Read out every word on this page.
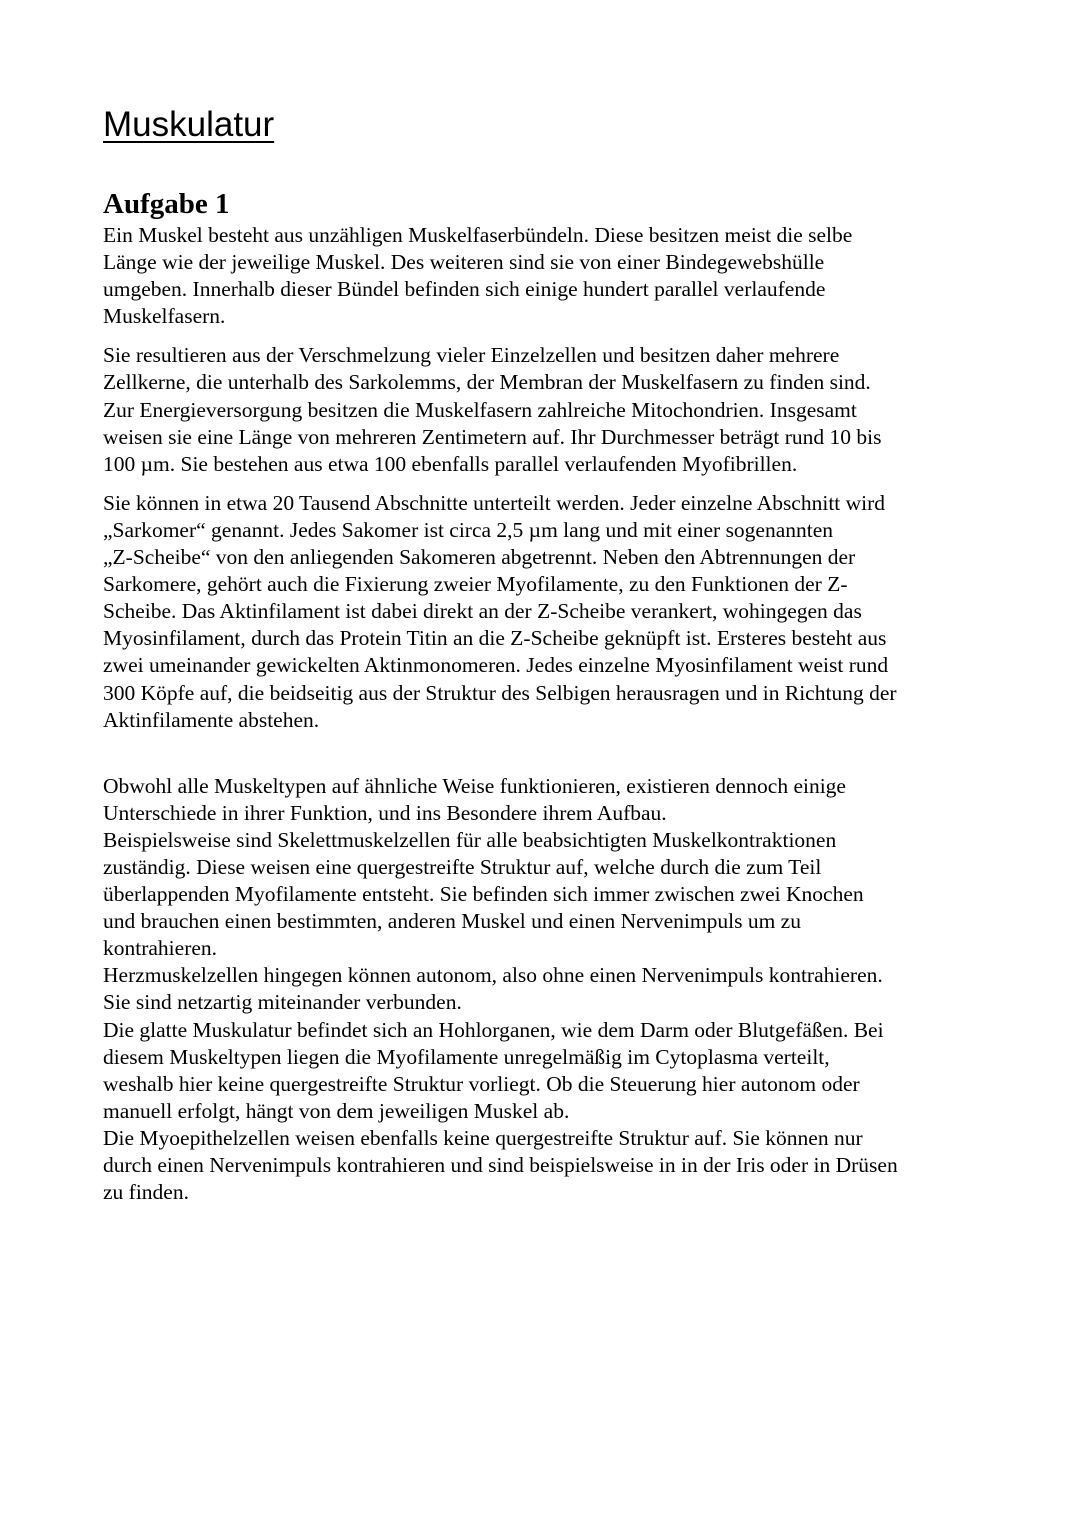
Muskulatur
Aufgabe 1

Ein Muskel besteht aus unzähligen Muskelfaserbündeln. Diese besitzen meist die selbe
Länge wie der jeweilige Muskel. Des weiteren sind sie von einer Bindegewebshülle
umgeben. Innerhalb dieser Bündel befinden sich einige hundert parallel verlaufende
Muskelfasern.

Sie resultieren aus der Verschmelzung vieler Einzelzellen und besitzen daher mehrere
Zellkerne, die unterhalb des Sarkolemms, der Membran der Muskelfasern zu finden sind.
Zur Energieversorgung besitzen die Muskelfasern zahlreiche Mitochondrien. Insgesamt
weisen sie eine Länge von mehreren Zentimetern auf. Ihr Durchmesser beträgt rund 10 bis
100 µm. Sie bestehen aus etwa 100 ebenfalls parallel verlaufenden Myofibrillen.

Sie können in etwa 20 Tausend Abschnitte unterteilt werden. Jeder einzelne Abschnitt wird
„Sarkomer“ genannt. Jedes Sakomer ist circa 2,5 µm lang und mit einer sogenannten
„Z-Scheibe“ von den anliegenden Sakomeren abgetrennt. Neben den Abtrennungen der
Sarkomere, gehört auch die Fixierung zweier Myofilamente, zu den Funktionen der Z-
Scheibe. Das Aktinfilament ist dabei direkt an der Z-Scheibe verankert, wohingegen das
Myosinfilament, durch das Protein Titin an die Z-Scheibe geknüpft ist. Ersteres besteht aus
zwei umeinander gewickelten Aktinmonomeren. Jedes einzelne Myosinfilament weist rund
300 Köpfe auf, die beidseitig aus der Struktur des Selbigen herausragen und in Richtung der
Aktinfilamente abstehen.

Obwohl alle Muskeltypen auf ähnliche Weise funktionieren, existieren dennoch einige
Unterschiede in ihrer Funktion, und ins Besondere ihrem Aufbau.
Beispielsweise sind Skelettmuskelzellen für alle beabsichtigten Muskelkontraktionen
zuständig. Diese weisen eine quergestreifte Struktur auf, welche durch die zum Teil
überlappenden Myofilamente entsteht. Sie befinden sich immer zwischen zwei Knochen
und brauchen einen bestimmten, anderen Muskel und einen Nervenimpuls um zu
kontrahieren.
Herzmuskelzellen hingegen können autonom, also ohne einen Nervenimpuls kontrahieren.
Sie sind netzartig miteinander verbunden.
Die glatte Muskulatur befindet sich an Hohlorganen, wie dem Darm oder Blutgefäßen. Bei
diesem Muskeltypen liegen die Myofilamente unregelmäßig im Cytoplasma verteilt,
weshalb hier keine quergestreifte Struktur vorliegt. Ob die Steuerung hier autonom oder
manuell erfolgt, hängt von dem jeweiligen Muskel ab.
Die Myoepithelzellen weisen ebenfalls keine quergestreifte Struktur auf. Sie können nur
durch einen Nervenimpuls kontrahieren und sind beispielsweise in in der Iris oder in Drüsen
zu finden.
